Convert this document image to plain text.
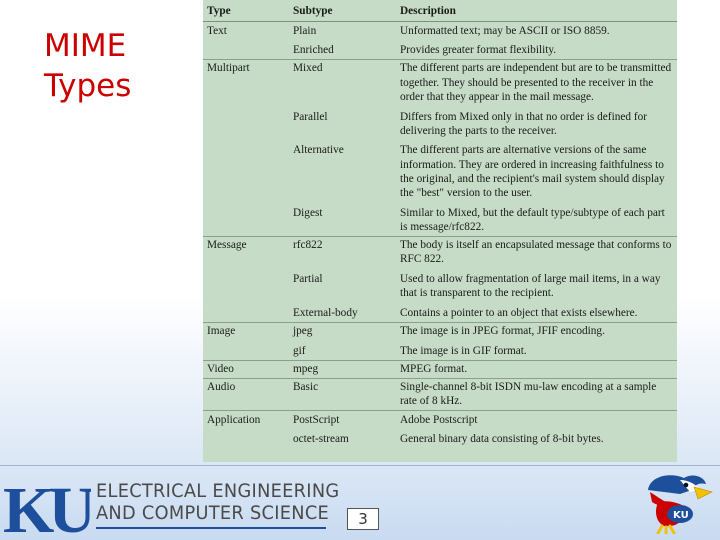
MIME
Types
Type	Subtype	Description
Text	Plain	Unformatted text; may be ASCII or ISO 8859.
	Enriched	Provides greater format flexibility.
Multipart	Mixed	The different parts are independent but are to be transmitted together. They should be presented to the receiver in the order that they appear in the mail message.
	Parallel	Differs from Mixed only in that no order is defined for delivering the parts to the receiver.
	Alternative	The different parts are alternative versions of the same information. They are ordered in increasing faithfulness to the original, and the recipient's mail system should display the "best" version to the user.
	Digest	Similar to Mixed, but the default type/subtype of each part is message/rfc822.
Message	rfc822	The body is itself an encapsulated message that conforms to RFC 822.
	Partial	Used to allow fragmentation of large mail items, in a way that is transparent to the recipient.
	External-body	Contains a pointer to an object that exists elsewhere.
Image	jpeg	The image is in JPEG format, JFIF encoding.
	gif	The image is in GIF format.
Video	mpeg	MPEG format.
Audio	Basic	Single-channel 8-bit ISDN mu-law encoding at a sample rate of 8 kHz.
Application	PostScript	Adobe Postscript
	octet-stream	General binary data consisting of 8-bit bytes.
KU ELECTRICAL ENGINEERING
AND COMPUTER SCIENCE	3	KU
